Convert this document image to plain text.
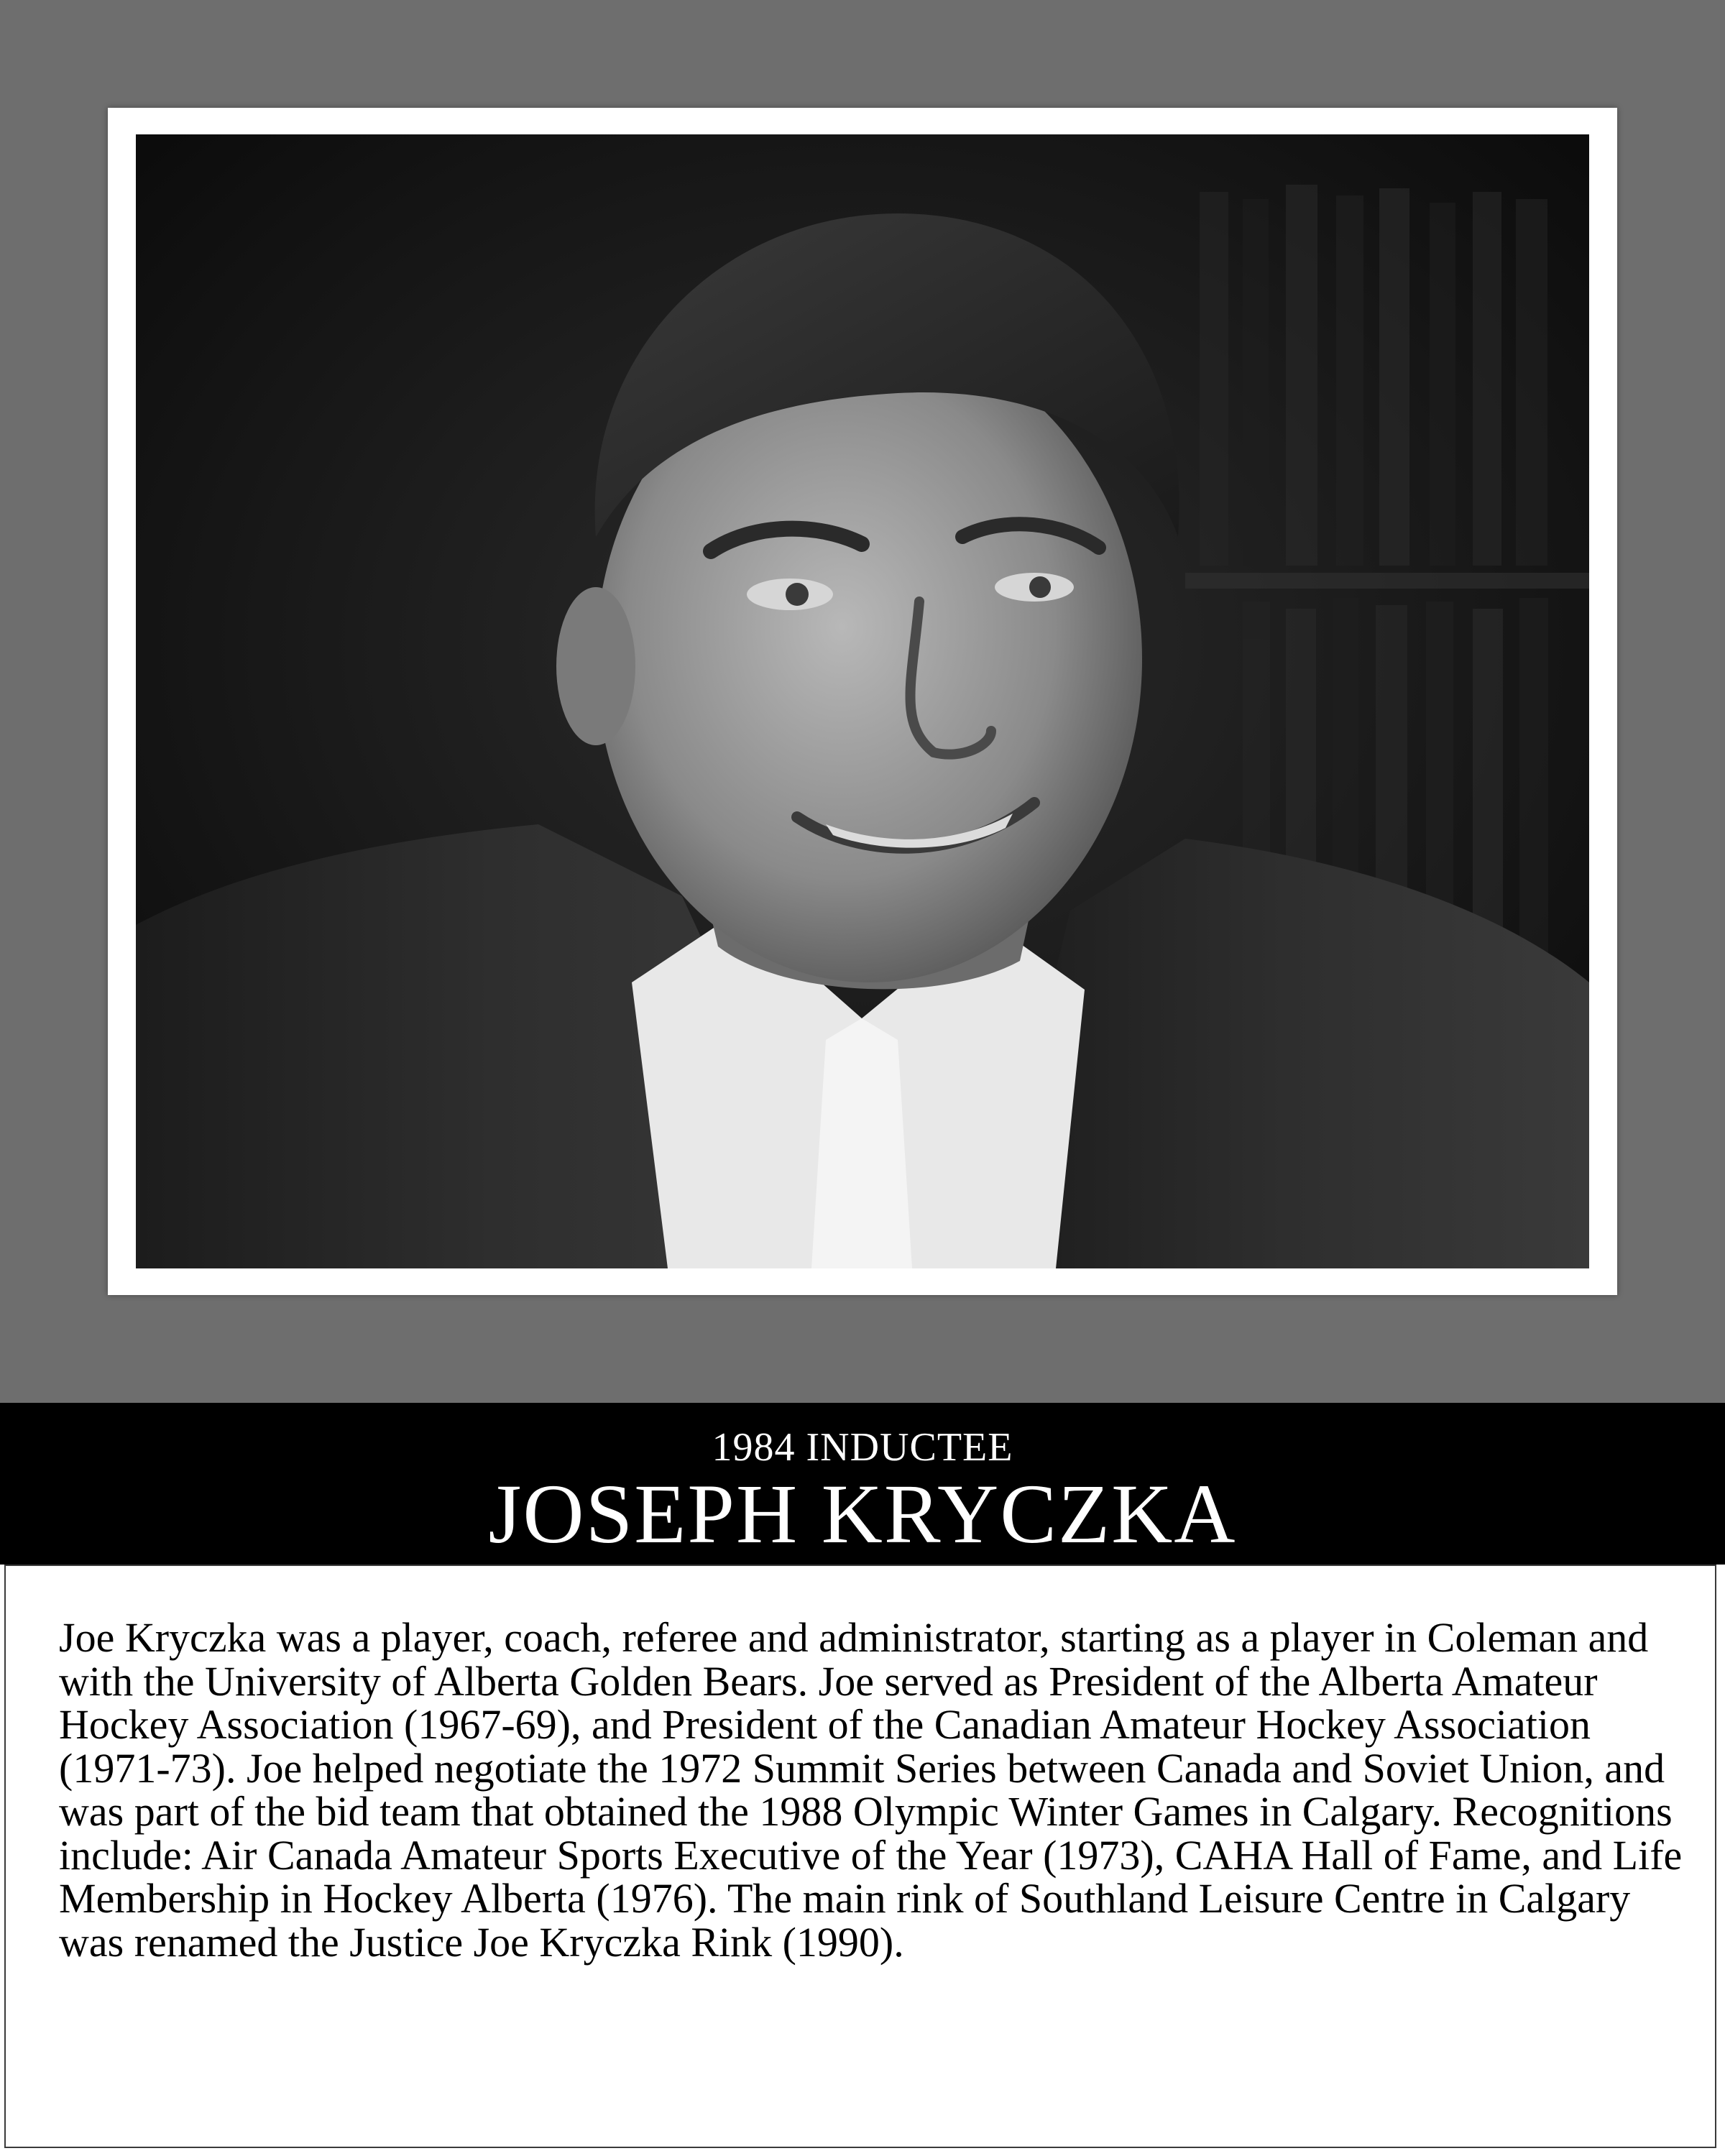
1984 INDUCTEE
JOSEPH KRYCZKA

Joe Kryczka was a player, coach, referee and administrator, starting as a player in Coleman and with the University of Alberta Golden Bears. Joe served as President of the Alberta Amateur Hockey Association (1967-69), and President of the Canadian Amateur Hockey Association (1971-73). Joe helped negotiate the 1972 Summit Series between Canada and Soviet Union, and was part of the bid team that obtained the 1988 Olympic Winter Games in Calgary. Recognitions include: Air Canada Amateur Sports Executive of the Year (1973), CAHA Hall of Fame, and Life Membership in Hockey Alberta (1976). The main rink of Southland Leisure Centre in Calgary was renamed the Justice Joe Kryczka Rink (1990).
